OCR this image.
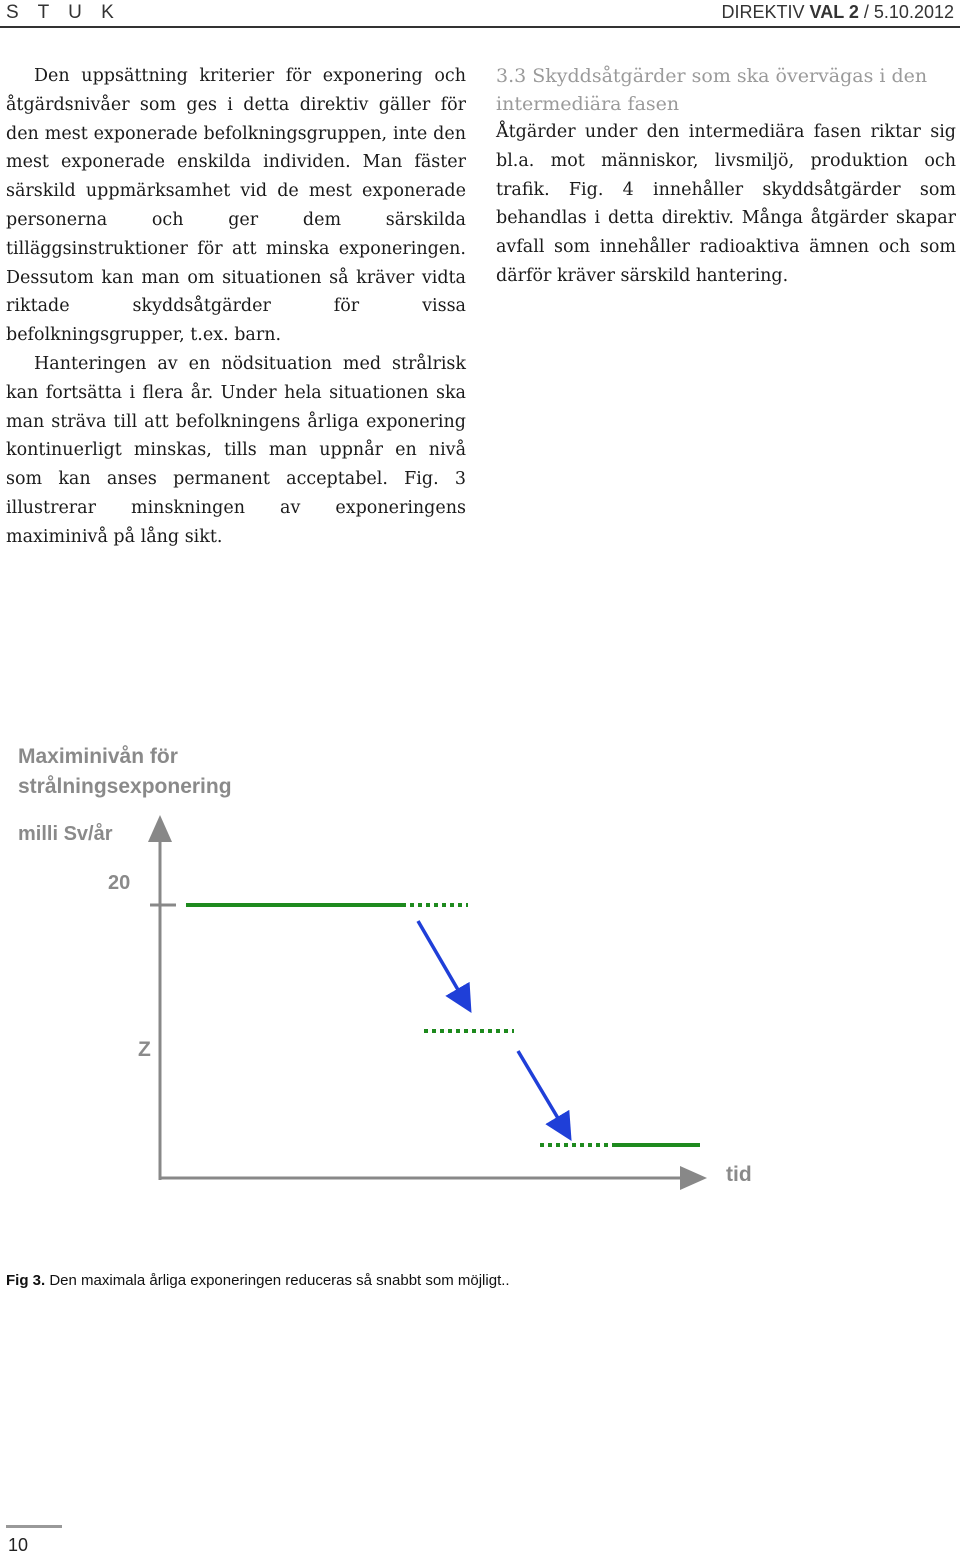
S T U K	DIREKTIV VAL 2 / 5.10.2012

Den uppsättning kriterier för exponering och åtgärdsnivåer som ges i detta direktiv gäller för den mest exponerade befolkningsgruppen, inte den mest exponerade enskilda individen. Man fäster särskild uppmärksamhet vid de mest exponerade personerna och ger dem särskilda tilläggsinstruktioner för att minska exponeringen. Dessutom kan man om situationen så kräver vidta riktade skyddsåtgärder för vissa befolkningsgrupper, t.ex. barn.

Hanteringen av en nödsituation med strålrisk kan fortsätta i flera år. Under hela situationen ska man sträva till att befolkningens årliga exponering kontinuerligt minskas, tills man uppnår en nivå som kan anses permanent acceptabel. Fig. 3 illustrerar minskningen av exponeringens maximinivå på lång sikt.

3.3 Skyddsåtgärder som ska övervägas i den intermediära fasen

Åtgärder under den intermediära fasen riktar sig bl.a. mot människor, livsmiljö, produktion och trafik. Fig. 4 innehåller skyddsåtgärder som behandlas i detta direktiv. Många åtgärder skapar avfall som innehåller radioaktiva ämnen och som därför kräver särskild hantering.

Maximinivån för
strålningsexponering
milli Sv/år
20
Z
tid
Fig 3. Den maximala årliga exponeringen reduceras så snabbt som möjligt..
10
